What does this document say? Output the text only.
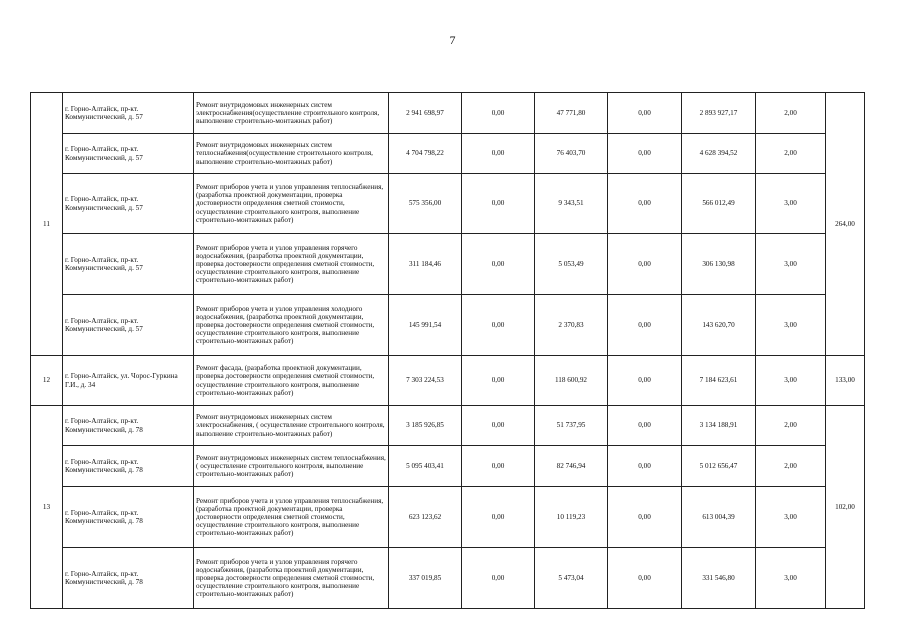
7
11	г. Горно-Алтайск, пр-кт. Коммунистический, д. 57	Ремонт внутридомовых инженерных систем электроснабжения(осуществление строительного контроля, выполнение строительно-монтажных работ)	2 941 698,97	0,00	47 771,80	0,00	2 893 927,17	2,00	264,00
	г. Горно-Алтайск, пр-кт. Коммунистический, д. 57	Ремонт внутридомовых инженерных систем теплоснабжения(осуществление строительного контроля, выполнение строительно-монтажных работ)	4 704 798,22	0,00	76 403,70	0,00	4 628 394,52	2,00	
	г. Горно-Алтайск, пр-кт. Коммунистический, д. 57	Ремонт приборов учета и узлов управления теплоснабжения, (разработка проектной документации, проверка достоверности определения сметной стоимости, осуществление строительного контроля, выполнение строительно-монтажных работ)	575 356,00	0,00	9 343,51	0,00	566 012,49	3,00	
	г. Горно-Алтайск, пр-кт. Коммунистический, д. 57	Ремонт приборов учета и узлов управления горячего водоснабжения, (разработка проектной документации, проверка достоверности определения сметной стоимости, осуществление строительного контроля, выполнение строительно-монтажных работ)	311 184,46	0,00	5 053,49	0,00	306 130,98	3,00	
	г. Горно-Алтайск, пр-кт. Коммунистический, д. 57	Ремонт приборов учета и узлов управления холодного водоснабжения, (разработка проектной документации, проверка достоверности определения сметной стоимости, осуществление строительного контроля, выполнение строительно-монтажных работ)	145 991,54	0,00	2 370,83	0,00	143 620,70	3,00	
12	г. Горно-Алтайск, ул. Чорос-Гуркина Г.И., д. 34	Ремонт фасада, (разработка проектной документации, проверка достоверности определения сметной стоимости, осуществление строительного контроля, выполнение строительно-монтажных работ)	7 303 224,53	0,00	118 600,92	0,00	7 184 623,61	3,00	133,00
13	г. Горно-Алтайск, пр-кт. Коммунистический, д. 78	Ремонт внутридомовых инженерных систем электроснабжения, ( осуществление строительного контроля, выполнение строительно-монтажных работ)	3 185 926,85	0,00	51 737,95	0,00	3 134 188,91	2,00	102,00
	г. Горно-Алтайск, пр-кт. Коммунистический, д. 78	Ремонт внутридомовых инженерных систем теплоснабжения, ( осуществление строительного контроля, выполнение строительно-монтажных работ)	5 095 403,41	0,00	82 746,94	0,00	5 012 656,47	2,00	
	г. Горно-Алтайск, пр-кт. Коммунистический, д. 78	Ремонт приборов учета и узлов управления теплоснабжения, (разработка проектной документации, проверка достоверности определения сметной стоимости, осуществление строительного контроля, выполнение строительно-монтажных работ)	623 123,62	0,00	10 119,23	0,00	613 004,39	3,00	
	г. Горно-Алтайск, пр-кт. Коммунистический, д. 78	Ремонт приборов учета и узлов управления горячего водоснабжения, (разработка проектной документации, проверка достоверности определения сметной стоимости, осуществление строительного контроля, выполнение строительно-монтажных работ)	337 019,85	0,00	5 473,04	0,00	331 546,80	3,00	
